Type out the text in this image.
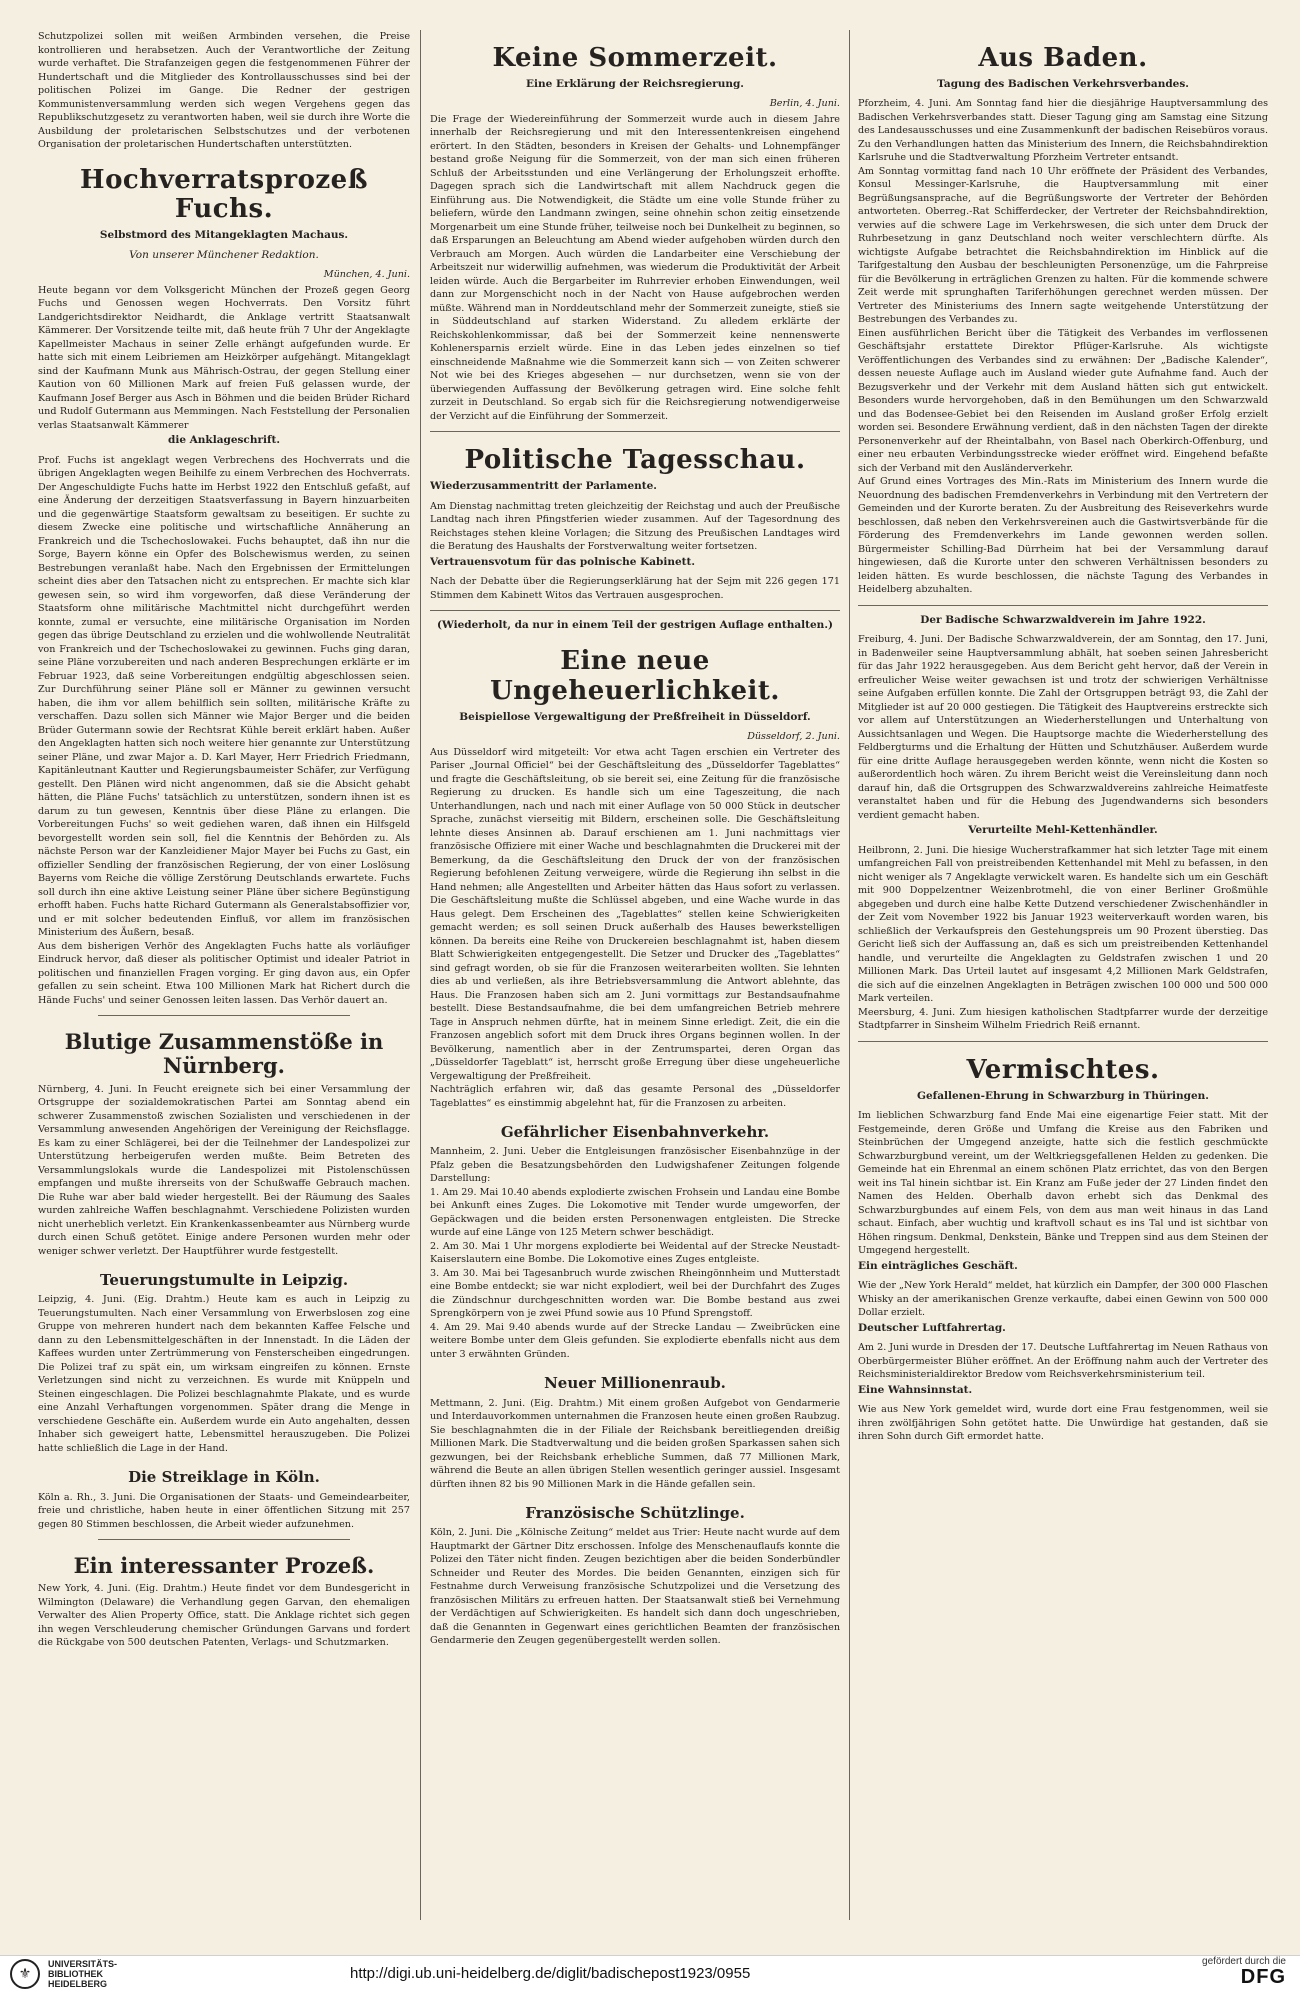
Schutzpolizei sollen mit weißen Armbinden versehen, die Preise kontrollieren und herabsetzen. Auch der Verantwortliche der Zeitung wurde verhaftet. Die Strafanzeigen gegen die festgenommenen Führer der Hundertschaft und die Mitglieder des Kontrollausschusses sind bei der politischen Polizei im Gange. Die Redner der gestrigen Kommunistenversammlung werden sich wegen Vergehens gegen das Republikschutzgesetz zu verantworten haben, weil sie durch ihre Worte die Ausbildung der proletarischen Selbstschutzes und der verbotenen Organisation der proletarischen Hundertschaften unterstützten.

Hochverratsprozeß Fuchs.
Selbstmord des Mitangeklagten Machaus.
Von unserer Münchener Redaktion.
München, 4. Juni.

Heute begann vor dem Volksgericht München der Prozeß gegen Georg Fuchs und Genossen wegen Hochverrats. Den Vorsitz führt Landgerichtsdirektor Neidhardt, die Anklage vertritt Staatsanwalt Kämmerer. Der Vorsitzende teilte mit, daß heute früh 7 Uhr der Angeklagte Kapellmeister Machaus in seiner Zelle erhängt aufgefunden wurde. Er hatte sich mit einem Leibriemen am Heizkörper aufgehängt. Mitangeklagt sind der Kaufmann Munk aus Mährisch-Ostrau, der gegen Stellung einer Kaution von 60 Millionen Mark auf freien Fuß gelassen wurde, der Kaufmann Josef Berger aus Asch in Böhmen und die beiden Brüder Richard und Rudolf Gutermann aus Memmingen. Nach Feststellung der Personalien verlas Staatsanwalt Kämmerer

die Anklageschrift.

Prof. Fuchs ist angeklagt wegen Verbrechens des Hochverrats und die übrigen Angeklagten wegen Beihilfe zu einem Verbrechen des Hochverrats. Der Angeschuldigte Fuchs hatte im Herbst 1922 den Entschluß gefaßt, auf eine Änderung der derzeitigen Staatsverfassung in Bayern hinzuarbeiten und die gegenwärtige Staatsform gewaltsam zu beseitigen. Er suchte zu diesem Zwecke eine politische und wirtschaftliche Annäherung an Frankreich und die Tschechoslowakei. Fuchs behauptet, daß ihn nur die Sorge, Bayern könne ein Opfer des Bolschewismus werden, zu seinen Bestrebungen veranlaßt habe. Nach den Ergebnissen der Ermittelungen scheint dies aber den Tatsachen nicht zu entsprechen. Er machte sich klar gewesen sein, so wird ihm vorgeworfen, daß diese Veränderung der Staatsform ohne militärische Machtmittel nicht durchgeführt werden konnte, zumal er versuchte, eine militärische Organisation im Norden gegen das übrige Deutschland zu erzielen und die wohlwollende Neutralität von Frankreich und der Tschechoslowakei zu gewinnen. Fuchs ging daran, seine Pläne vorzubereiten und nach anderen Besprechungen erklärte er im Februar 1923, daß seine Vorbereitungen endgültig abgeschlossen seien. Zur Durchführung seiner Pläne soll er Männer zu gewinnen versucht haben, die ihm vor allem behilflich sein sollten, militärische Kräfte zu verschaffen. Dazu sollen sich Männer wie Major Berger und die beiden Brüder Gutermann sowie der Rechtsrat Kühle bereit erklärt haben. Außer den Angeklagten hatten sich noch weitere hier genannte zur Unterstützung seiner Pläne, und zwar Major a. D. Karl Mayer, Herr Friedrich Friedmann, Kapitänleutnant Kautter und Regierungsbaumeister Schäfer, zur Verfügung gestellt. Den Plänen wird nicht angenommen, daß sie die Absicht gehabt hätten, die Pläne Fuchs' tatsächlich zu unterstützen, sondern ihnen ist es darum zu tun gewesen, Kenntnis über diese Pläne zu erlangen. Die Vorbereitungen Fuchs' so weit gediehen waren, daß ihnen ein Hilfsgeld bevorgestellt worden sein soll, fiel die Kenntnis der Behörden zu. Als nächste Person war der Kanzleidiener Major Mayer bei Fuchs zu Gast, ein offizieller Sendling der französischen Regierung, der von einer Loslösung Bayerns vom Reiche die völlige Zerstörung Deutschlands erwartete. Fuchs soll durch ihn eine aktive Leistung seiner Pläne über sichere Begünstigung erhofft haben. Fuchs hatte Richard Gutermann als Generalstabsoffizier vor, und er mit solcher bedeutenden Einfluß, vor allem im französischen Ministerium des Äußern, besaß.

Aus dem bisherigen Verhör des Angeklagten Fuchs hatte als vorläufiger Eindruck hervor, daß dieser als politischer Optimist und idealer Patriot in politischen und finanziellen Fragen vorging. Er ging davon aus, ein Opfer gefallen zu sein scheint. Etwa 100 Millionen Mark hat Richert durch die Hände Fuchs' und seiner Genossen leiten lassen. Das Verhör dauert an.

Blutige Zusammenstöße in Nürnberg.

Nürnberg, 4. Juni. In Feucht ereignete sich bei einer Versammlung der Ortsgruppe der sozialdemokratischen Partei am Sonntag abend ein schwerer Zusammenstoß zwischen Sozialisten und verschiedenen in der Versammlung anwesenden Angehörigen der Vereinigung der Reichsflagge. Es kam zu einer Schlägerei, bei der die Teilnehmer der Landespolizei zur Unterstützung herbeigerufen werden mußte. Beim Betreten des Versammlungslokals wurde die Landespolizei mit Pistolenschüssen empfangen und mußte ihrerseits von der Schußwaffe Gebrauch machen. Die Ruhe war aber bald wieder hergestellt. Bei der Räumung des Saales wurden zahlreiche Waffen beschlagnahmt. Verschiedene Polizisten wurden nicht unerheblich verletzt. Ein Krankenkassenbeamter aus Nürnberg wurde durch einen Schuß getötet. Einige andere Personen wurden mehr oder weniger schwer verletzt. Der Hauptführer wurde festgestellt.

Teuerungstumulte in Leipzig.

Leipzig, 4. Juni. (Eig. Drahtm.) Heute kam es auch in Leipzig zu Teuerungstumulten. Nach einer Versammlung von Erwerbslosen zog eine Gruppe von mehreren hundert nach dem bekannten Kaffee Felsche und dann zu den Lebensmittelgeschäften in der Innenstadt. In die Läden der Kaffees wurden unter Zertrümmerung von Fensterscheiben eingedrungen. Die Polizei traf zu spät ein, um wirksam eingreifen zu können. Ernste Verletzungen sind nicht zu verzeichnen. Es wurde mit Knüppeln und Steinen eingeschlagen. Die Polizei beschlagnahmte Plakate, und es wurde eine Anzahl Verhaftungen vorgenommen. Später drang die Menge in verschiedene Geschäfte ein. Außerdem wurde ein Auto angehalten, dessen Inhaber sich geweigert hatte, Lebensmittel herauszugeben. Die Polizei hatte schließlich die Lage in der Hand.

Die Streiklage in Köln.

Köln a. Rh., 3. Juni. Die Organisationen der Staats- und Gemeindearbeiter, freie und christliche, haben heute in einer öffentlichen Sitzung mit 257 gegen 80 Stimmen beschlossen, die Arbeit wieder aufzunehmen.

Ein interessanter Prozeß.

New York, 4. Juni. (Eig. Drahtm.) Heute findet vor dem Bundesgericht in Wilmington (Delaware) die Verhandlung gegen Garvan, den ehemaligen Verwalter des Alien Property Office, statt. Die Anklage richtet sich gegen ihn wegen Verschleuderung chemischer Gründungen Garvans und fordert die Rückgabe von 500 deutschen Patenten, Verlags- und Schutzmarken.

Keine Sommerzeit.
Eine Erklärung der Reichsregierung.
Berlin, 4. Juni.

Die Frage der Wiedereinführung der Sommerzeit wurde auch in diesem Jahre innerhalb der Reichsregierung und mit den Interessentenkreisen eingehend erörtert. In den Städten, besonders in Kreisen der Gehalts- und Lohnempfänger bestand große Neigung für die Sommerzeit, von der man sich einen früheren Schluß der Arbeitsstunden und eine Verlängerung der Erholungszeit erhoffte. Dagegen sprach sich die Landwirtschaft mit allem Nachdruck gegen die Einführung aus. Die Notwendigkeit, die Städte um eine volle Stunde früher zu beliefern, würde den Landmann zwingen, seine ohnehin schon zeitig einsetzende Morgenarbeit um eine Stunde früher, teilweise noch bei Dunkelheit zu beginnen, so daß Ersparungen an Beleuchtung am Abend wieder aufgehoben würden durch den Verbrauch am Morgen. Auch würden die Landarbeiter eine Verschiebung der Arbeitszeit nur widerwillig aufnehmen, was wiederum die Produktivität der Arbeit leiden würde. Auch die Bergarbeiter im Ruhrrevier erhoben Einwendungen, weil dann zur Morgenschicht noch in der Nacht von Hause aufgebrochen werden müßte. Während man in Norddeutschland mehr der Sommerzeit zuneigte, stieß sie in Süddeutschland auf starken Widerstand. Zu alledem erklärte der Reichskohlenkommissar, daß bei der Sommerzeit keine nennenswerte Kohlenersparnis erzielt würde. Eine in das Leben jedes einzelnen so tief einschneidende Maßnahme wie die Sommerzeit kann sich — von Zeiten schwerer Not wie bei des Krieges abgesehen — nur durchsetzen, wenn sie von der überwiegenden Auffassung der Bevölkerung getragen wird. Eine solche fehlt zurzeit in Deutschland. So ergab sich für die Reichsregierung notwendigerweise der Verzicht auf die Einführung der Sommerzeit.

Politische Tagesschau.
Wiederzusammentritt der Parlamente.

Am Dienstag nachmittag treten gleichzeitig der Reichstag und auch der Preußische Landtag nach ihren Pfingstferien wieder zusammen. Auf der Tagesordnung des Reichstages stehen kleine Vorlagen; die Sitzung des Preußischen Landtages wird die Beratung des Haushalts der Forstverwaltung weiter fortsetzen.

Vertrauensvotum für das polnische Kabinett.

Nach der Debatte über die Regierungserklärung hat der Sejm mit 226 gegen 171 Stimmen dem Kabinett Witos das Vertrauen ausgesprochen.

(Wiederholt, da nur in einem Teil der gestrigen Auflage enthalten.)
Eine neue Ungeheuerlichkeit.
Beispiellose Vergewaltigung der Preßfreiheit in Düsseldorf.
Düsseldorf, 2. Juni.

Aus Düsseldorf wird mitgeteilt: Vor etwa acht Tagen erschien ein Vertreter des Pariser „Journal Officiel“ bei der Geschäftsleitung des „Düsseldorfer Tageblattes“ und fragte die Geschäftsleitung, ob sie bereit sei, eine Zeitung für die französische Regierung zu drucken. Es handle sich um eine Tageszeitung, die nach Unterhandlungen, nach und nach mit einer Auflage von 50 000 Stück in deutscher Sprache, zunächst vierseitig mit Bildern, erscheinen solle. Die Geschäftsleitung lehnte dieses Ansinnen ab. Darauf erschienen am 1. Juni nachmittags vier französische Offiziere mit einer Wache und beschlagnahmten die Druckerei mit der Bemerkung, da die Geschäftsleitung den Druck der von der französischen Regierung befohlenen Zeitung verweigere, würde die Regierung ihn selbst in die Hand nehmen; alle Angestellten und Arbeiter hätten das Haus sofort zu verlassen. Die Geschäftsleitung mußte die Schlüssel abgeben, und eine Wache wurde in das Haus gelegt. Dem Erscheinen des „Tageblattes“ stellen keine Schwierigkeiten gemacht werden; es soll seinen Druck außerhalb des Hauses bewerkstelligen können. Da bereits eine Reihe von Druckereien beschlagnahmt ist, haben diesem Blatt Schwierigkeiten entgegengestellt. Die Setzer und Drucker des „Tageblattes“ sind gefragt worden, ob sie für die Franzosen weiterarbeiten wollten. Sie lehnten dies ab und verließen, als ihre Betriebsversammlung die Antwort ablehnte, das Haus. Die Franzosen haben sich am 2. Juni vormittags zur Bestandsaufnahme bestellt. Diese Bestandsaufnahme, die bei dem umfangreichen Betrieb mehrere Tage in Anspruch nehmen dürfte, hat in meinem Sinne erledigt. Zeit, die ein die Franzosen angeblich sofort mit dem Druck ihres Organs beginnen wollen. In der Bevölkerung, namentlich aber in der Zentrumspartei, deren Organ das „Düsseldorfer Tageblatt“ ist, herrscht große Erregung über diese ungeheuerliche Vergewaltigung der Preßfreiheit.

Nachträglich erfahren wir, daß das gesamte Personal des „Düsseldorfer Tageblattes“ es einstimmig abgelehnt hat, für die Franzosen zu arbeiten.

Gefährlicher Eisenbahnverkehr.

Mannheim, 2. Juni. Ueber die Entgleisungen französischer Eisenbahnzüge in der Pfalz geben die Besatzungsbehörden den Ludwigshafener Zeitungen folgende Darstellung:

1. Am 29. Mai 10.40 abends explodierte zwischen Frohsein und Landau eine Bombe bei Ankunft eines Zuges. Die Lokomotive mit Tender wurde umgeworfen, der Gepäckwagen und die beiden ersten Personenwagen entgleisten. Die Strecke wurde auf eine Länge von 125 Metern schwer beschädigt.

2. Am 30. Mai 1 Uhr morgens explodierte bei Weidental auf der Strecke Neustadt-Kaiserslautern eine Bombe. Die Lokomotive eines Zuges entgleiste.

3. Am 30. Mai bei Tagesanbruch wurde zwischen Rheingönnheim und Mutterstadt eine Bombe entdeckt; sie war nicht explodiert, weil bei der Durchfahrt des Zuges die Zündschnur durchgeschnitten worden war. Die Bombe bestand aus zwei Sprengkörpern von je zwei Pfund sowie aus 10 Pfund Sprengstoff.

4. Am 29. Mai 9.40 abends wurde auf der Strecke Landau — Zweibrücken eine weitere Bombe unter dem Gleis gefunden. Sie explodierte ebenfalls nicht aus dem unter 3 erwähnten Gründen.

Neuer Millionenraub.

Mettmann, 2. Juni. (Eig. Drahtm.) Mit einem großen Aufgebot von Gendarmerie und Interdauvorkommen unternahmen die Franzosen heute einen großen Raubzug. Sie beschlagnahmten die in der Filiale der Reichsbank bereitliegenden dreißig Millionen Mark. Die Stadtverwaltung und die beiden großen Sparkassen sahen sich gezwungen, bei der Reichsbank erhebliche Summen, daß 77 Millionen Mark, während die Beute an allen übrigen Stellen wesentlich geringer aussiel. Insgesamt dürften ihnen 82 bis 90 Millionen Mark in die Hände gefallen sein.

Französische Schützlinge.

Köln, 2. Juni. Die „Kölnische Zeitung“ meldet aus Trier: Heute nacht wurde auf dem Hauptmarkt der Gärtner Ditz erschossen. Infolge des Menschenauflaufs konnte die Polizei den Täter nicht finden. Zeugen bezichtigen aber die beiden Sonderbündler Schneider und Reuter des Mordes. Die beiden Genannten, einzigen sich für Festnahme durch Verweisung französische Schutzpolizei und die Versetzung des französischen Militärs zu erfreuen hatten. Der Staatsanwalt stieß bei Vernehmung der Verdächtigen auf Schwierigkeiten. Es handelt sich dann doch ungeschrieben, daß die Genannten in Gegenwart eines gerichtlichen Beamten der französischen Gendarmerie den Zeugen gegenübergestellt werden sollen.

Aus Baden.
Tagung des Badischen Verkehrsverbandes.

Pforzheim, 4. Juni. Am Sonntag fand hier die diesjährige Hauptversammlung des Badischen Verkehrsverbandes statt. Dieser Tagung ging am Samstag eine Sitzung des Landesausschusses und eine Zusammenkunft der badischen Reisebüros voraus. Zu den Verhandlungen hatten das Ministerium des Innern, die Reichsbahndirektion Karlsruhe und die Stadtverwaltung Pforzheim Vertreter entsandt.

Am Sonntag vormittag fand nach 10 Uhr eröffnete der Präsident des Verbandes, Konsul Messinger-Karlsruhe, die Hauptversammlung mit einer Begrüßungsansprache, auf die Begrüßungsworte der Vertreter der Behörden antworteten. Oberreg.-Rat Schifferdecker, der Vertreter der Reichsbahndirektion, verwies auf die schwere Lage im Verkehrswesen, die sich unter dem Druck der Ruhrbesetzung in ganz Deutschland noch weiter verschlechtern dürfte. Als wichtigste Aufgabe betrachtet die Reichsbahndirektion im Hinblick auf die Tarifgestaltung den Ausbau der beschleunigten Personenzüge, um die Fahrpreise für die Bevölkerung in erträglichen Grenzen zu halten. Für die kommende schwere Zeit werde mit sprunghaften Tariferhöhungen gerechnet werden müssen. Der Vertreter des Ministeriums des Innern sagte weitgehende Unterstützung der Bestrebungen des Verbandes zu.

Einen ausführlichen Bericht über die Tätigkeit des Verbandes im verflossenen Geschäftsjahr erstattete Direktor Pflüger-Karlsruhe. Als wichtigste Veröffentlichungen des Verbandes sind zu erwähnen: Der „Badische Kalender“, dessen neueste Auflage auch im Ausland wieder gute Aufnahme fand. Auch der Bezugsverkehr und der Verkehr mit dem Ausland hätten sich gut entwickelt. Besonders wurde hervorgehoben, daß in den Bemühungen um den Schwarzwald und das Bodensee-Gebiet bei den Reisenden im Ausland großer Erfolg erzielt worden sei. Besondere Erwähnung verdient, daß in den nächsten Tagen der direkte Personenverkehr auf der Rheintalbahn, von Basel nach Oberkirch-Offenburg, und einer neu erbauten Verbindungsstrecke wieder eröffnet wird. Eingehend befaßte sich der Verband mit den Ausländerverkehr.

Auf Grund eines Vortrages des Min.-Rats im Ministerium des Innern wurde die Neuordnung des badischen Fremdenverkehrs in Verbindung mit den Vertretern der Gemeinden und der Kurorte beraten. Zu der Ausbreitung des Reiseverkehrs wurde beschlossen, daß neben den Verkehrsvereinen auch die Gastwirtsverbände für die Förderung des Fremdenverkehrs im Lande gewonnen werden sollen. Bürgermeister Schilling-Bad Dürrheim hat bei der Versammlung darauf hingewiesen, daß die Kurorte unter den schweren Verhältnissen besonders zu leiden hätten. Es wurde beschlossen, die nächste Tagung des Verbandes in Heidelberg abzuhalten.

Der Badische Schwarzwaldverein im Jahre 1922.

Freiburg, 4. Juni. Der Badische Schwarzwaldverein, der am Sonntag, den 17. Juni, in Badenweiler seine Hauptversammlung abhält, hat soeben seinen Jahresbericht für das Jahr 1922 herausgegeben. Aus dem Bericht geht hervor, daß der Verein in erfreulicher Weise weiter gewachsen ist und trotz der schwierigen Verhältnisse seine Aufgaben erfüllen konnte. Die Zahl der Ortsgruppen beträgt 93, die Zahl der Mitglieder ist auf 20 000 gestiegen. Die Tätigkeit des Hauptvereins erstreckte sich vor allem auf Unterstützungen an Wiederherstellungen und Unterhaltung von Aussichtsanlagen und Wegen. Die Hauptsorge machte die Wiederherstellung des Feldbergturms und die Erhaltung der Hütten und Schutzhäuser. Außerdem wurde für eine dritte Auflage herausgegeben werden könnte, wenn nicht die Kosten so außerordentlich hoch wären. Zu ihrem Bericht weist die Vereinsleitung dann noch darauf hin, daß die Ortsgruppen des Schwarzwaldvereins zahlreiche Heimatfeste veranstaltet haben und für die Hebung des Jugendwanderns sich besonders verdient gemacht haben.

Verurteilte Mehl-Kettenhändler.

Heilbronn, 2. Juni. Die hiesige Wucherstrafkammer hat sich letzter Tage mit einem umfangreichen Fall von preistreibenden Kettenhandel mit Mehl zu befassen, in den nicht weniger als 7 Angeklagte verwickelt waren. Es handelte sich um ein Geschäft mit 900 Doppelzentner Weizenbrotmehl, die von einer Berliner Großmühle abgegeben und durch eine halbe Kette Dutzend verschiedener Zwischenhändler in der Zeit vom November 1922 bis Januar 1923 weiterverkauft worden waren, bis schließlich der Verkaufspreis den Gestehungspreis um 90 Prozent überstieg. Das Gericht ließ sich der Auffassung an, daß es sich um preistreibenden Kettenhandel handle, und verurteilte die Angeklagten zu Geldstrafen zwischen 1 und 20 Millionen Mark. Das Urteil lautet auf insgesamt 4,2 Millionen Mark Geldstrafen, die sich auf die einzelnen Angeklagten in Beträgen zwischen 100 000 und 500 000 Mark verteilen.

Meersburg, 4. Juni. Zum hiesigen katholischen Stadtpfarrer wurde der derzeitige Stadtpfarrer in Sinsheim Wilhelm Friedrich Reiß ernannt.

Vermischtes.
Gefallenen-Ehrung in Schwarzburg in Thüringen.

Im lieblichen Schwarzburg fand Ende Mai eine eigenartige Feier statt. Mit der Festgemeinde, deren Größe und Umfang die Kreise aus den Fabriken und Steinbrüchen der Umgegend anzeigte, hatte sich die festlich geschmückte Schwarzburgbund vereint, um der Weltkriegsgefallenen Helden zu gedenken. Die Gemeinde hat ein Ehrenmal an einem schönen Platz errichtet, das von den Bergen weit ins Tal hinein sichtbar ist. Ein Kranz am Fuße jeder der 27 Linden findet den Namen des Helden. Oberhalb davon erhebt sich das Denkmal des Schwarzburgbundes auf einem Fels, von dem aus man weit hinaus in das Land schaut. Einfach, aber wuchtig und kraftvoll schaut es ins Tal und ist sichtbar von Höhen ringsum. Denkmal, Denkstein, Bänke und Treppen sind aus dem Steinen der Umgegend hergestellt.

Ein einträgliches Geschäft.

Wie der „New York Herald“ meldet, hat kürzlich ein Dampfer, der 300 000 Flaschen Whisky an der amerikanischen Grenze verkaufte, dabei einen Gewinn von 500 000 Dollar erzielt.

Deutscher Luftfahrertag.

Am 2. Juni wurde in Dresden der 17. Deutsche Luftfahrertag im Neuen Rathaus von Oberbürgermeister Blüher eröffnet. An der Eröffnung nahm auch der Vertreter des Reichsministerialdirektor Bredow vom Reichsverkehrsministerium teil.

Eine Wahnsinnstat.

Wie aus New York gemeldet wird, wurde dort eine Frau festgenommen, weil sie ihren zwölfjährigen Sohn getötet hatte. Die Unwürdige hat gestanden, daß sie ihren Sohn durch Gift ermordet hatte.

⚜
UNIVERSITÄTS-
BIBLIOTHEK
HEIDELBERG
http://digi.ub.uni-heidelberg.de/diglit/badischepost1923/0955
gefördert durch die
DFG
